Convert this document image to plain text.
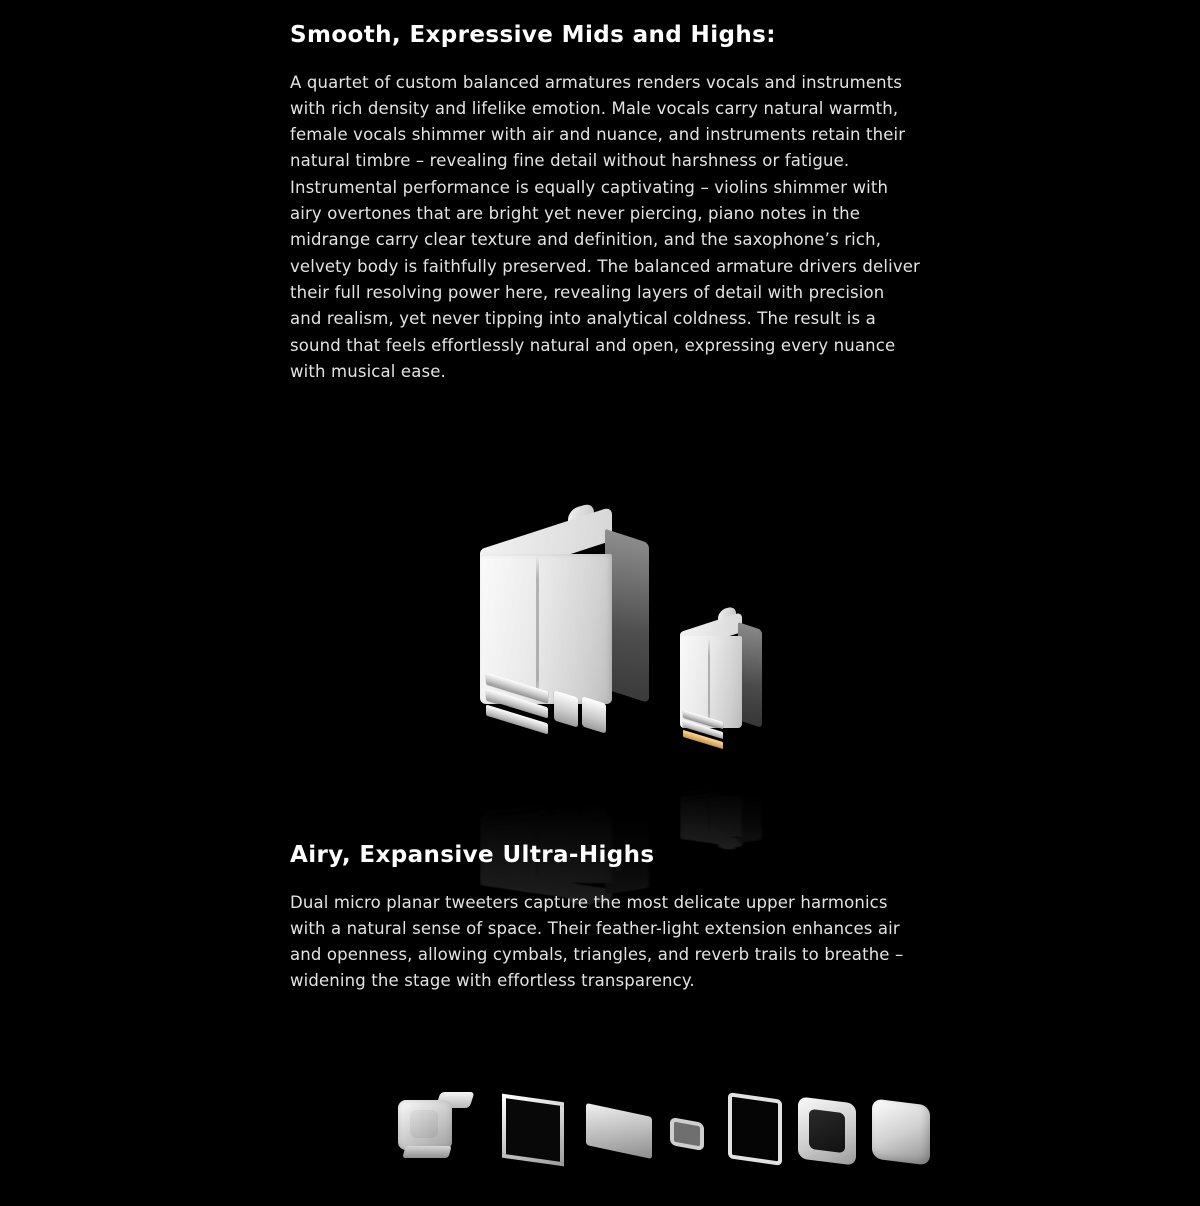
Smooth, Expressive Mids and Highs:

A quartet of custom balanced armatures renders vocals and instruments with rich density and lifelike emotion. Male vocals carry natural warmth, female vocals shimmer with air and nuance, and instruments retain their natural timbre – revealing fine detail without harshness or fatigue.

Instrumental performance is equally captivating – violins shimmer with airy overtones that are bright yet never piercing, piano notes in the midrange carry clear texture and definition, and the saxophone’s rich, velvety body is faithfully preserved. The balanced armature drivers deliver their full resolving power here, revealing layers of detail with precision and realism, yet never tipping into analytical coldness. The result is a sound that feels effortlessly natural and open, expressing every nuance with musical ease.

Airy, Expansive Ultra-Highs

Dual micro planar tweeters capture the most delicate upper harmonics with a natural sense of space. Their feather-light extension enhances air and openness, allowing cymbals, triangles, and reverb trails to breathe – widening the stage with effortless transparency.
